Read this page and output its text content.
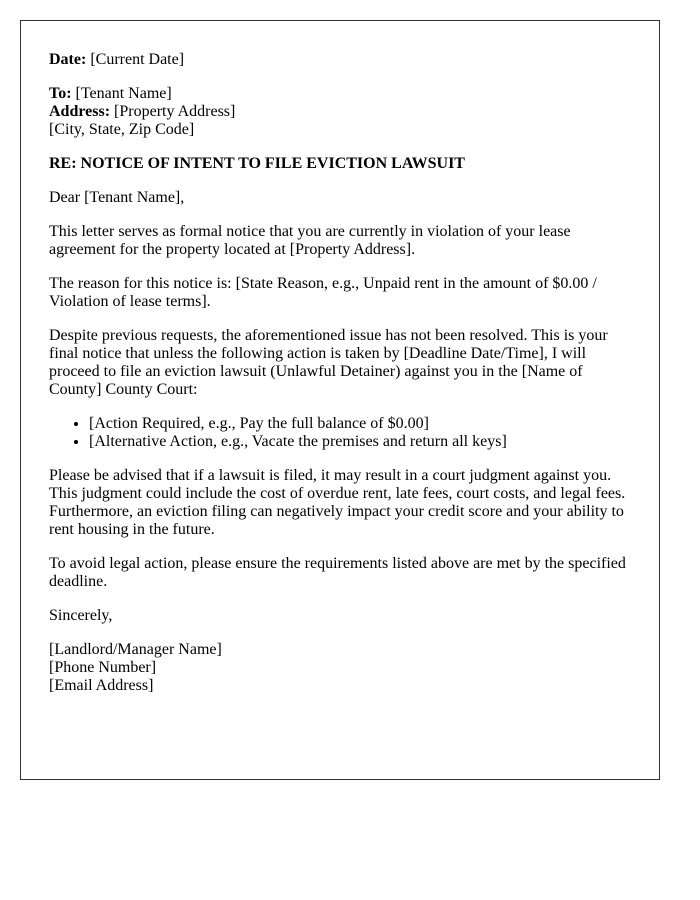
Date: [Current Date]
To: [Tenant Name]
Address: [Property Address]
[City, State, Zip Code]

RE: NOTICE OF INTENT TO FILE EVICTION LAWSUIT

Dear [Tenant Name],

This letter serves as formal notice that you are currently in violation of your lease agreement for the property located at [Property Address].

The reason for this notice is: [State Reason, e.g., Unpaid rent in the amount of $0.00 / Violation of lease terms].

Despite previous requests, the aforementioned issue has not been resolved. This is your final notice that unless the following action is taken by [Deadline Date/Time], I will proceed to file an eviction lawsuit (Unlawful Detainer) against you in the [Name of County] County Court:

• [Action Required, e.g., Pay the full balance of $0.00]
• [Alternative Action, e.g., Vacate the premises and return all keys]

Please be advised that if a lawsuit is filed, it may result in a court judgment against you. This judgment could include the cost of overdue rent, late fees, court costs, and legal fees. Furthermore, an eviction filing can negatively impact your credit score and your ability to rent housing in the future.

To avoid legal action, please ensure the requirements listed above are met by the specified deadline.

Sincerely,

[Landlord/Manager Name]
[Phone Number]
[Email Address]
